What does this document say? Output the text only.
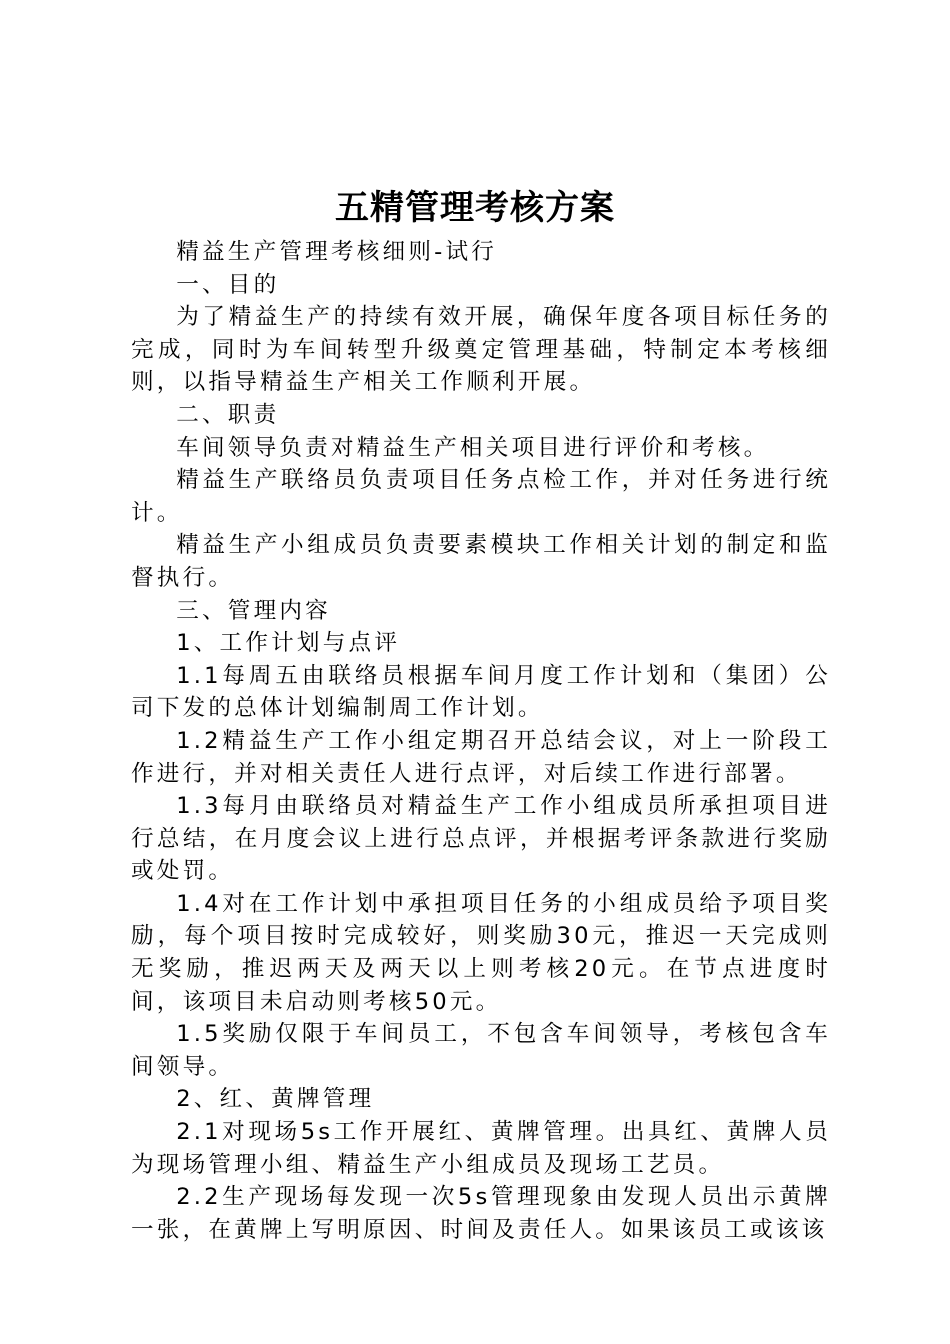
五精管理考核方案

精益生产管理考核细则-试行

一、目的

为了精益生产的持续有效开展，确保年度各项目标任务的完成，同时为车间转型升级奠定管理基础，特制定本考核细则，以指导精益生产相关工作顺利开展。

二、职责

车间领导负责对精益生产相关项目进行评价和考核。

精益生产联络员负责项目任务点检工作，并对任务进行统计。

精益生产小组成员负责要素模块工作相关计划的制定和监督执行。

三、管理内容

1、工作计划与点评

1.1每周五由联络员根据车间月度工作计划和（集团）公司下发的总体计划编制周工作计划。

1.2精益生产工作小组定期召开总结会议，对上一阶段工作进行，并对相关责任人进行点评，对后续工作进行部署。

1.3每月由联络员对精益生产工作小组成员所承担项目进行总结，在月度会议上进行总点评，并根据考评条款进行奖励或处罚。

1.4对在工作计划中承担项目任务的小组成员给予项目奖励，每个项目按时完成较好，则奖励30元，推迟一天完成则无奖励，推迟两天及两天以上则考核20元。在节点进度时间，该项目未启动则考核50元。

1.5奖励仅限于车间员工，不包含车间领导，考核包含车间领导。

2、红、黄牌管理

2.1对现场5s工作开展红、黄牌管理。出具红、黄牌人员为现场管理小组、精益生产小组成员及现场工艺员。

2.2生产现场每发现一次5s管理现象由发现人员出示黄牌一张，在黄牌上写明原因、时间及责任人。如果该员工或该该
